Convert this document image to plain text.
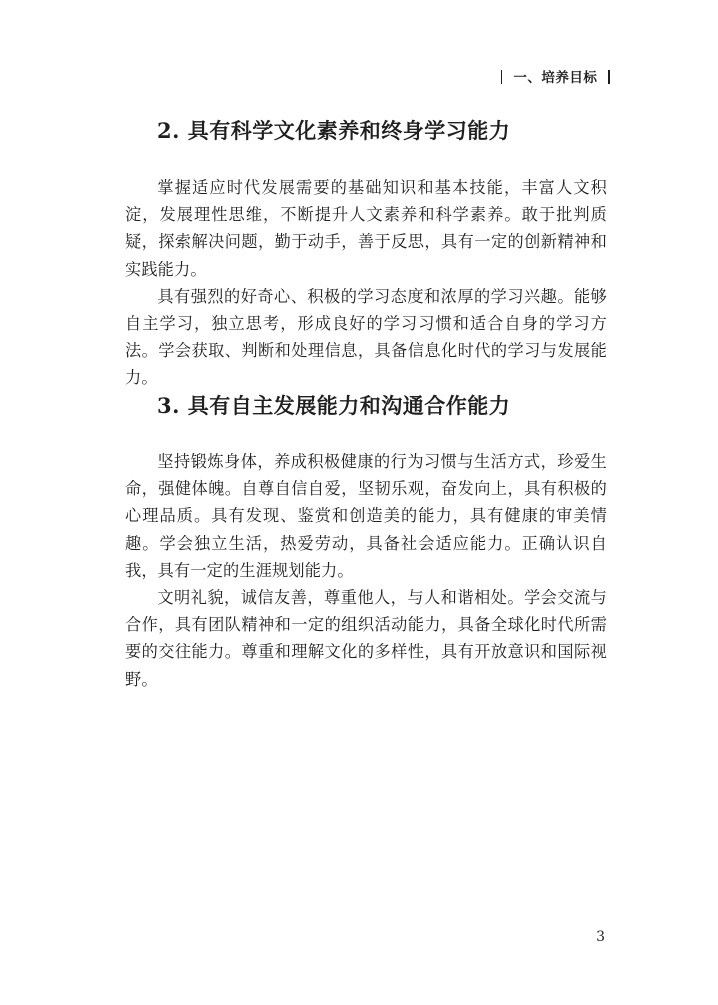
一、培养目标
2. 具有科学文化素养和终身学习能力

掌握适应时代发展需要的基础知识和基本技能，丰富人文积淀，发展理性思维，不断提升人文素养和科学素养。敢于批判质疑，探索解决问题，勤于动手，善于反思，具有一定的创新精神和实践能力。

具有强烈的好奇心、积极的学习态度和浓厚的学习兴趣。能够自主学习，独立思考，形成良好的学习习惯和适合自身的学习方法。学会获取、判断和处理信息，具备信息化时代的学习与发展能力。

3. 具有自主发展能力和沟通合作能力

坚持锻炼身体，养成积极健康的行为习惯与生活方式，珍爱生命，强健体魄。自尊自信自爱，坚韧乐观，奋发向上，具有积极的心理品质。具有发现、鉴赏和创造美的能力，具有健康的审美情趣。学会独立生活，热爱劳动，具备社会适应能力。正确认识自我，具有一定的生涯规划能力。

文明礼貌，诚信友善，尊重他人，与人和谐相处。学会交流与合作，具有团队精神和一定的组织活动能力，具备全球化时代所需要的交往能力。尊重和理解文化的多样性，具有开放意识和国际视野。

3
